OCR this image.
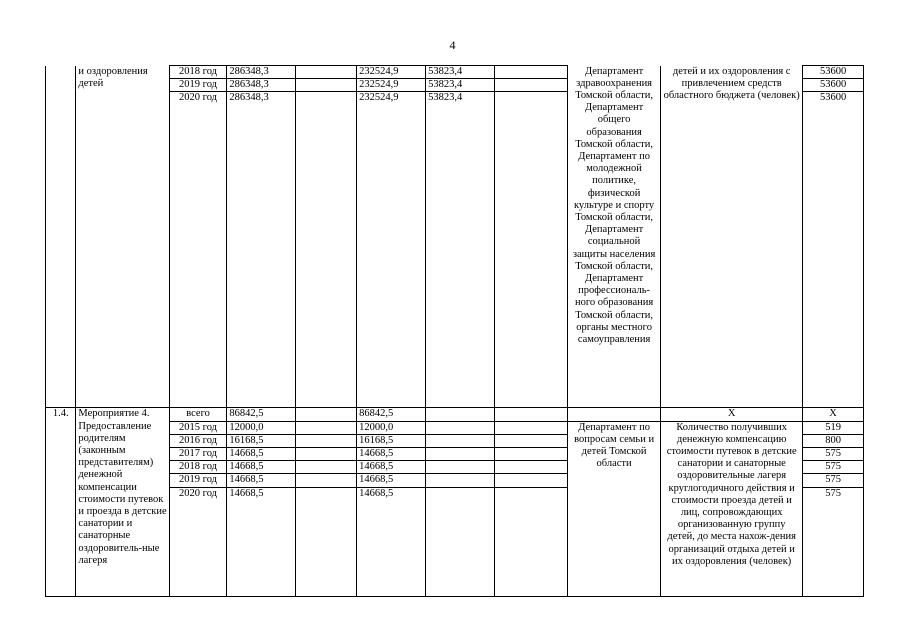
4
	и оздоровления детей	2018 год	286348,3		232524,9	53823,4		Департамент здравоохранения Томской области, Департамент общего образования Томской области, Департамент по молодежной политике, физической культуре и спорту Томской области, Департамент социальной защиты населения Томской области, Департамент профессиональ-ного образования Томской области, органы местного самоуправления	детей и их оздоровления с привлечением средств областного бюджета (человек)	53600
		2019 год	286348,3		232524,9	53823,4				53600
		2020 год	286348,3		232524,9	53823,4				53600
1.4.	Мероприятие 4. Предоставление родителям (законным представителям) денежной компенсации стоимости путевок и проезда в детские санатории и санаторные оздоровитель-ные лагеря	всего	86842,5		86842,5				X	X
		2015 год	12000,0		12000,0			Департамент по вопросам семьи и детей Томской области	Количество получивших денежную компенсацию стоимости путевок в детские санатории и санаторные оздоровительные лагеря круглогодичного действия и стоимости проезда детей и лиц, сопровождающих организованную группу детей, до места нахож-дения организаций отдыха детей и их оздоровления (человек)	519
		2016 год	16168,5		16168,5					800
		2017 год	14668,5		14668,5					575
		2018 год	14668,5		14668,5					575
		2019 год	14668,5		14668,5					575
		2020 год	14668,5		14668,5					575
